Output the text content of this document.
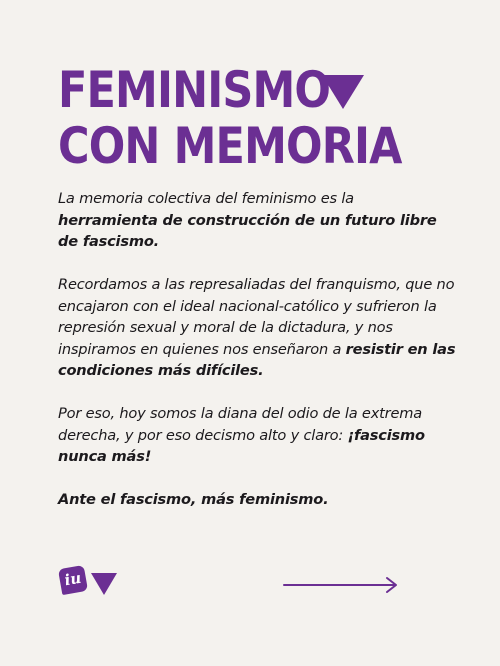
FEMINISMO
CON MEMORIA

La memoria colectiva del feminismo es la herramienta de construcción de un futuro libre de fascismo.

Recordamos a las represaliadas del franquismo, que no encajaron con el ideal nacional-católico y sufrieron la represión sexual y moral de la dictadura, y nos inspiramos en quienes nos enseñaron a resistir en las condiciones más difíciles.

Por eso, hoy somos la diana del odio de la extrema derecha, y por eso decismo alto y claro: ¡fascismo nunca más!

Ante el fascismo, más feminismo.

iu
